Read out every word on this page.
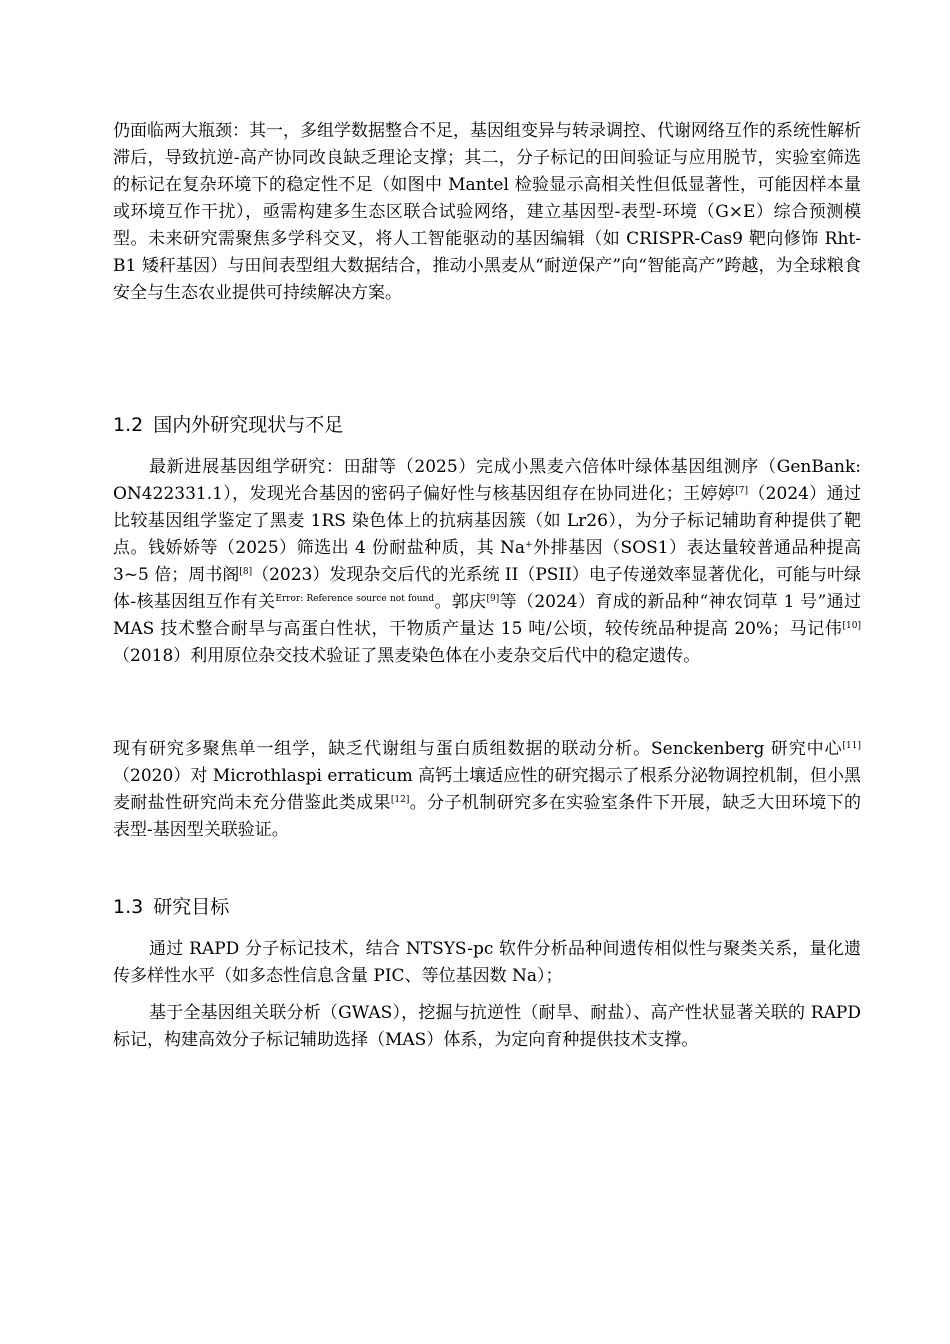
仍面临两大瓶颈：其一，多组学数据整合不足，基因组变异与转录调控、代谢网络互作的系统性解析滞后，导致抗逆-高产协同改良缺乏理论支撑；其二，分子标记的田间验证与应用脱节，实验室筛选的标记在复杂环境下的稳定性不足（如图中 Mantel 检验显示高相关性但低显著性，可能因样本量或环境互作干扰），亟需构建多生态区联合试验网络，建立基因型-表型-环境（G×E）综合预测模型。未来研究需聚焦多学科交叉，将人工智能驱动的基因编辑（如 CRISPR-Cas9 靶向修饰 Rht-B1 矮秆基因）与田间表型组大数据结合，推动小黑麦从“耐逆保产”向“智能高产”跨越，为全球粮食安全与生态农业提供可持续解决方案。

1.2 国内外研究现状与不足

最新进展基因组学研究：田甜等（2025）完成小黑麦六倍体叶绿体基因组测序（GenBank: ON422331.1），发现光合基因的密码子偏好性与核基因组存在协同进化；王婷婷[7]（2024）通过比较基因组学鉴定了黑麦 1RS 染色体上的抗病基因簇（如 Lr26），为分子标记辅助育种提供了靶点。钱娇娇等（2025）筛选出 4 份耐盐种质，其 Na+外排基因（SOS1）表达量较普通品种提高 3~5 倍；周书阁[8]（2023）发现杂交后代的光系统 II（PSII）电子传递效率显著优化，可能与叶绿体-核基因组互作有关$^{Error: Reference source not found}$。郭庆[9]等（2024）育成的新品种“神农饲草 1 号”通过 MAS 技术整合耐旱与高蛋白性状，干物质产量达 15 吨/公顷，较传统品种提高 20%；马记伟[10]（2018）利用原位杂交技术验证了黑麦染色体在小麦杂交后代中的稳定遗传。

现有研究多聚焦单一组学，缺乏代谢组与蛋白质组数据的联动分析。Senckenberg 研究中心[11]（2020）对 Microthlaspi erraticum 高钙土壤适应性的研究揭示了根系分泌物调控机制，但小黑麦耐盐性研究尚未充分借鉴此类成果[12]。分子机制研究多在实验室条件下开展，缺乏大田环境下的表型-基因型关联验证。

1.3 研究目标

通过 RAPD 分子标记技术，结合 NTSYS-pc 软件分析品种间遗传相似性与聚类关系，量化遗传多样性水平（如多态性信息含量 PIC、等位基因数 Na）；

基于全基因组关联分析（GWAS），挖掘与抗逆性（耐旱、耐盐）、高产性状显著关联的 RAPD 标记，构建高效分子标记辅助选择（MAS）体系，为定向育种提供技术支撑。
